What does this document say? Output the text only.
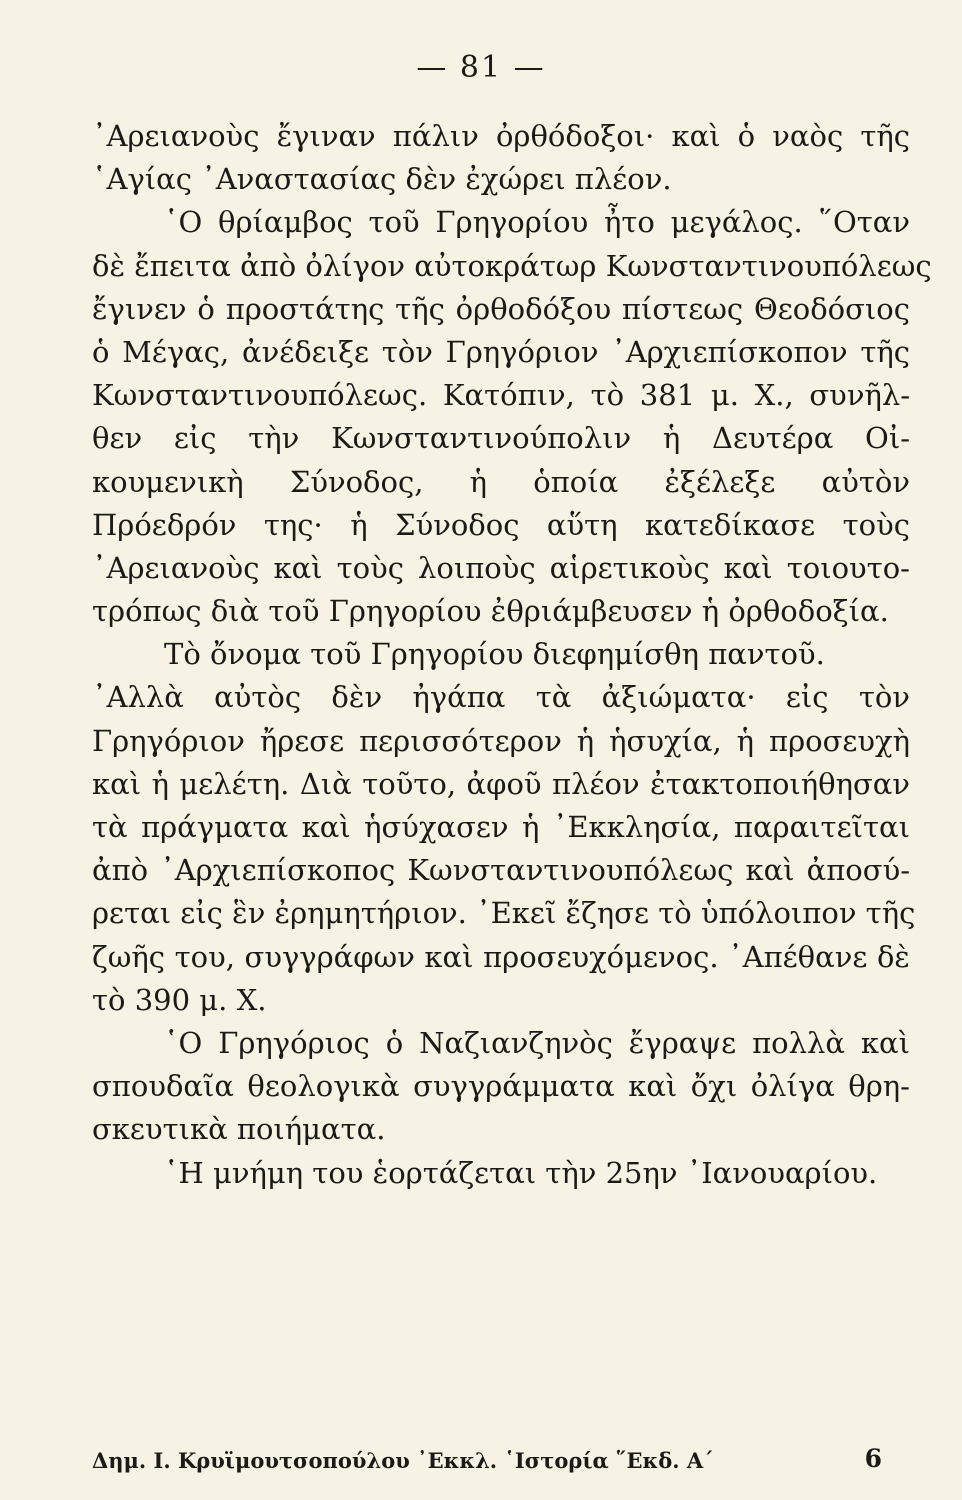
— 81 —
᾿Αρειανοὺς ἔγιναν πάλιν ὀρθόδοξοι· καὶ ὁ ναὸς τῆς
῾Αγίας ᾿Αναστασίας δὲν ἐχώρει πλέον.
῾Ο θρίαμβος τοῦ Γρηγορίου ἦτο μεγάλος. ῞Οταν
δὲ ἔπειτα ἀπὸ ὀλίγον αὐτοκράτωρ Κωνσταντινουπόλεως
ἔγινεν ὁ προστάτης τῆς ὀρθοδόξου πίστεως Θεοδόσιος
ὁ Μέγας, ἀνέδειξε τὸν Γρηγόριον ᾿Αρχιεπίσκοπον τῆς
Κωνσταντινουπόλεως. Κατόπιν, τὸ 381 μ. Χ., συνῆλ-
θεν εἰς τὴν Κωνσταντινούπολιν ἡ Δευτέρα Οἰ-
κουμενικὴ Σύνοδος, ἡ ὁποία ἐξέλεξε αὐτὸν
Πρόεδρόν της· ἡ Σύνοδος αὕτη κατεδίκασε τοὺς
᾿Αρειανοὺς καὶ τοὺς λοιποὺς αἱρετικοὺς καὶ τοιουτο-
τρόπως διὰ τοῦ Γρηγορίου ἐθριάμβευσεν ἡ ὀρθοδοξία.
Τὸ ὄνομα τοῦ Γρηγορίου διεφημίσθη παντοῦ.
᾿Αλλὰ αὐτὸς δὲν ἠγάπα τὰ ἀξιώματα· εἰς τὸν
Γρηγόριον ἤρεσε περισσότερον ἡ ἡσυχία, ἡ προσευχὴ
καὶ ἡ μελέτη. Διὰ τοῦτο, ἀφοῦ πλέον ἐτακτοποιήθησαν
τὰ πράγματα καὶ ἡσύχασεν ἡ ᾿Εκκλησία, παραιτεῖται
ἀπὸ ᾿Αρχιεπίσκοπος Κωνσταντινουπόλεως καὶ ἀποσύ-
ρεται εἰς ἓν ἐρημητήριον. ᾿Εκεῖ ἔζησε τὸ ὑπόλοιπον τῆς
ζωῆς του, συγγράφων καὶ προσευχόμενος. ᾿Απέθανε δὲ
τὸ 390 μ. Χ.
῾Ο Γρηγόριος ὁ Ναζιανζηνὸς ἔγραψε πολλὰ καὶ
σπουδαῖα θεολογικὰ συγγράμματα καὶ ὄχι ὀλίγα θρη-
σκευτικὰ ποιήματα.
῾Η μνήμη του ἑορτάζεται τὴν 25ην ᾿Ιανουαρίου.
Δημ. Ι. Κρυϊμουτσοπούλου ᾿Εκκλ. ῾Ιστορία ῞Εκδ. Α΄	6
